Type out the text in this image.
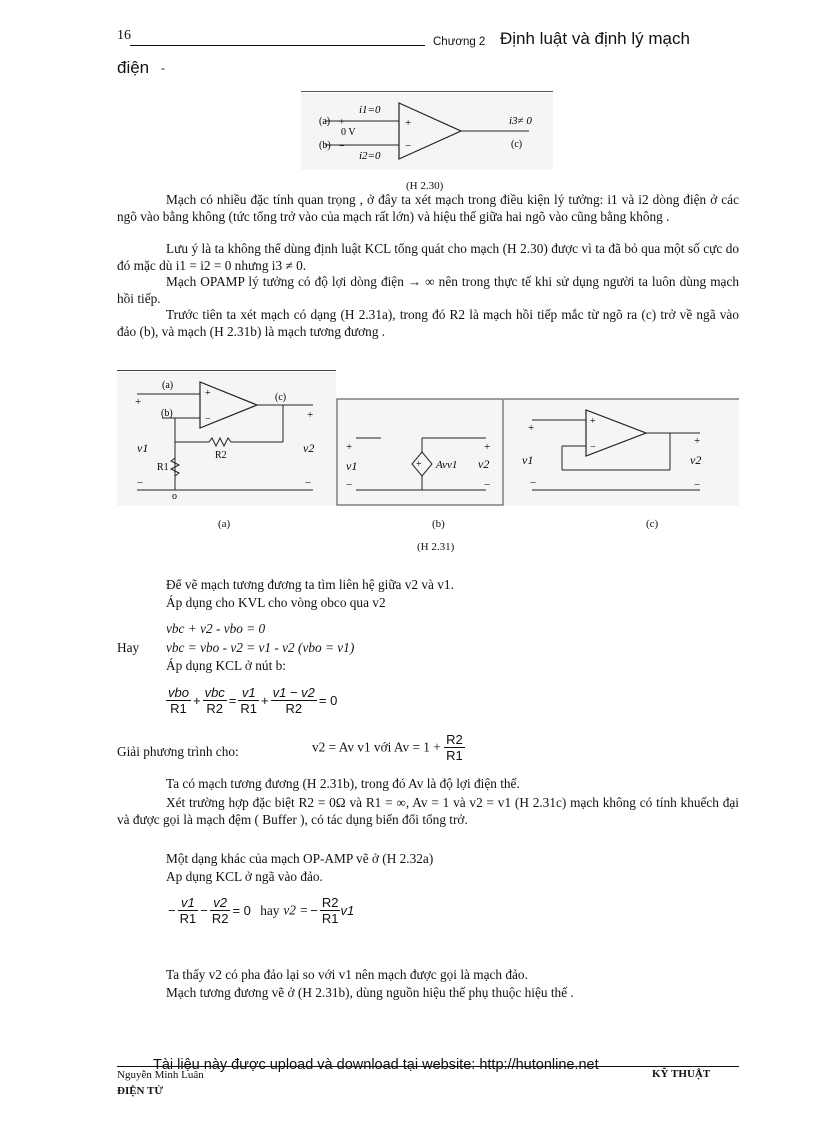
16	Chương 2 Định luật và định lý mạch
điện -
(a)
(b)
+
−
i1=0
i2=0
0 V
+
−
i3≠ 0
(c)
(H 2.30)

Mạch có nhiều đặc tính quan trọng , ở đây ta xét mạch trong điều kiện lý tưởng: i1 và i2 dòng điện ở các ngõ vào bằng không (tức tổng trở vào của mạch rất lớn) và hiệu thế giữa hai ngõ vào cũng bằng không .

Lưu ý là ta không thể dùng định luật KCL tổng quát cho mạch (H 2.30) được vì ta đã bỏ qua một số cực do đó mặc dù i1 = i2 = 0 nhưng i3 ≠ 0.

Mạch OPAMP lý tưởng có độ lợi dòng điện → ∞ nên trong thực tế khi sử dụng người ta luôn dùng mạch hồi tiếp.

Trước tiên ta xét mạch có dạng (H 2.31a), trong đó R2 là mạch hồi tiếp mắc từ ngõ ra (c) trở về ngã vào đảo (b), và mạch (H 2.31b) là mạch tương đương .

(a)
(b)
(c)
+
+
+
−
v1	v2
R2
R1
−	−
o
+
+	+
v1	Avv1 v2
−	−
+
−
+
+
v1	v2
−	−
(a)	(b)	(c)
(H 2.31)
Để vẽ mạch tương đương ta tìm liên hệ giữa v2 và v1.
Áp dụng cho KVL cho vòng obco qua v2
vbc + v2 - vbo = 0
Hay vbc = vbo - v2 = v1 - v2 (vbo = v1)
Áp dụng KCL ở nút b:
$\frac{\text{vbo}}{R1} + \frac{\text{vbc}}{R2} = \frac{v1}{R1} + \frac{v1 - v2}{R2} = 0$
Giải phương trình cho:	v2 = Av v1 với $Av = 1 + \frac{R2}{R1}$
Ta có mạch tương đương (H 2.31b), trong đó Av là độ lợi điện thế.

Xét trường hợp đặc biệt R2 = 0Ω và R1 = ∞, Av = 1 và v2 = v1 (H 2.31c) mạch không có tính khuếch đại và được gọi là mạch đệm ( Buffer ), có tác dụng biến đổi tổng trở.

Một dạng khác của mạch OP-AMP vẽ ở (H 2.32a)
Ap dụng KCL ở ngã vào đảo.
− $\frac{v1}{R1} - \frac{v2}{R2} = 0$ hay v2 = − $\frac{R2}{R1} v1$
Ta thấy v2 có pha đảo lại so với v1 nên mạch được gọi là mạch đảo.
Mạch tương đương vẽ ở (H 2.31b), dùng nguồn hiệu thế phụ thuộc hiệu thế .
Tài liệu này được upload và download tại website: http://hutonline.net
Nguyễn Minh Luân	KỸ THUẬT
ĐIỆN TỬ
